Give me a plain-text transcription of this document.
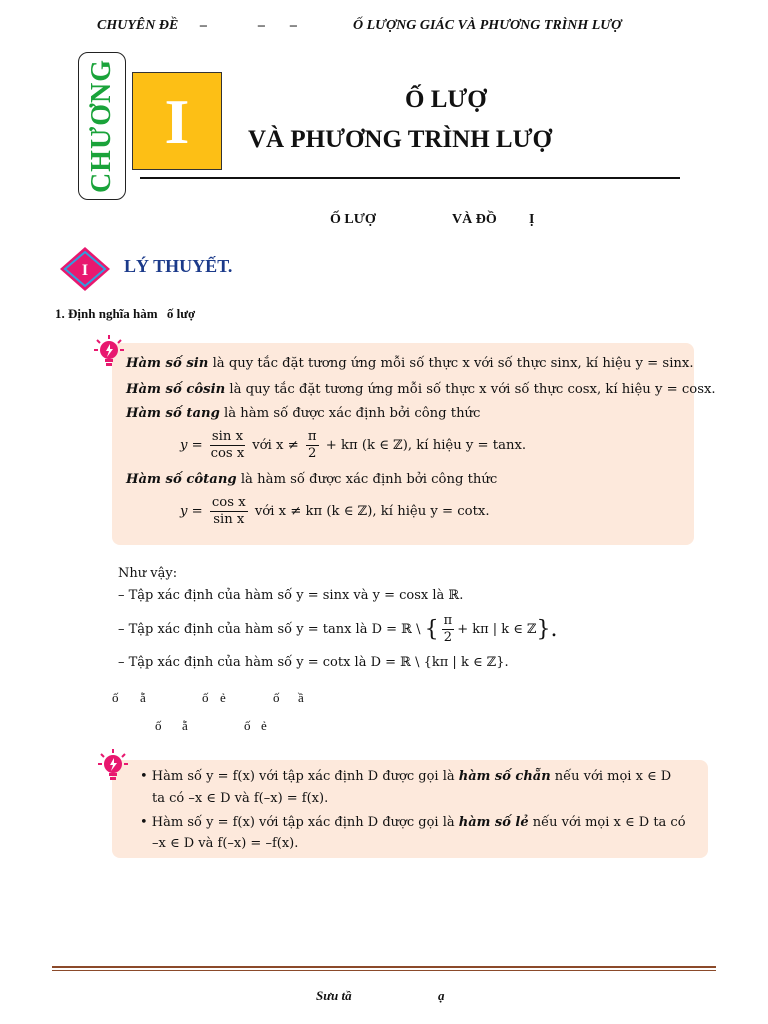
CHUYÊN ĐỀ –	– –	Ố LƯỢNG GIÁC VÀ PHƯƠNG TRÌNH LƯỢ
CHƯƠNG I	Ố LƯỢ
VÀ PHƯƠNG TRÌNH LƯỢ
Ố LƯỢ	VÀ ĐỒ Ị
I LÝ THUYẾT.
1. Định nghĩa hàm ố lượ
Hàm số sin là quy tắc đặt tương ứng mỗi số thực x với số thực sinx, kí hiệu y = sinx.
Hàm số côsin là quy tắc đặt tương ứng mỗi số thực x với số thực cosx, kí hiệu y = cosx.
Hàm số tang là hàm số được xác định bởi công thức
$y = \frac{\text{sin x}}{\text{cos x}}$ với $x \ne \frac{\pi}{2} + k\pi$ (k ∈ ℤ), kí hiệu y = tanx.
Hàm số côtang là hàm số được xác định bởi công thức
$y = \frac{\text{cos x}}{\text{sin x}}$ với x ≠ kπ (k ∈ ℤ), kí hiệu y = cotx.
Như vậy:
– Tập xác định của hàm số y = sinx và y = cosx là ℝ.
– Tập xác định của hàm số y = tanx là D = ℝ \ { $\frac{\pi}{2} + k\pi$ | k ∈ ℤ}.
– Tập xác định của hàm số y = cotx là D = ℝ \ {kπ | k ∈ ℤ}.
ố ẵ	ố ẻ	ố ầ
ố ẵ	ố ẻ
• Hàm số y = f(x) với tập xác định D được gọi là hàm số chẵn nếu với mọi x ∈ D
ta có –x ∈ D và f(–x) = f(x).
• Hàm số y = f(x) với tập xác định D được gọi là hàm số lẻ nếu với mọi x ∈ D ta có
–x ∈ D và f(–x) = –f(x).
Sưu tầ	ạ
